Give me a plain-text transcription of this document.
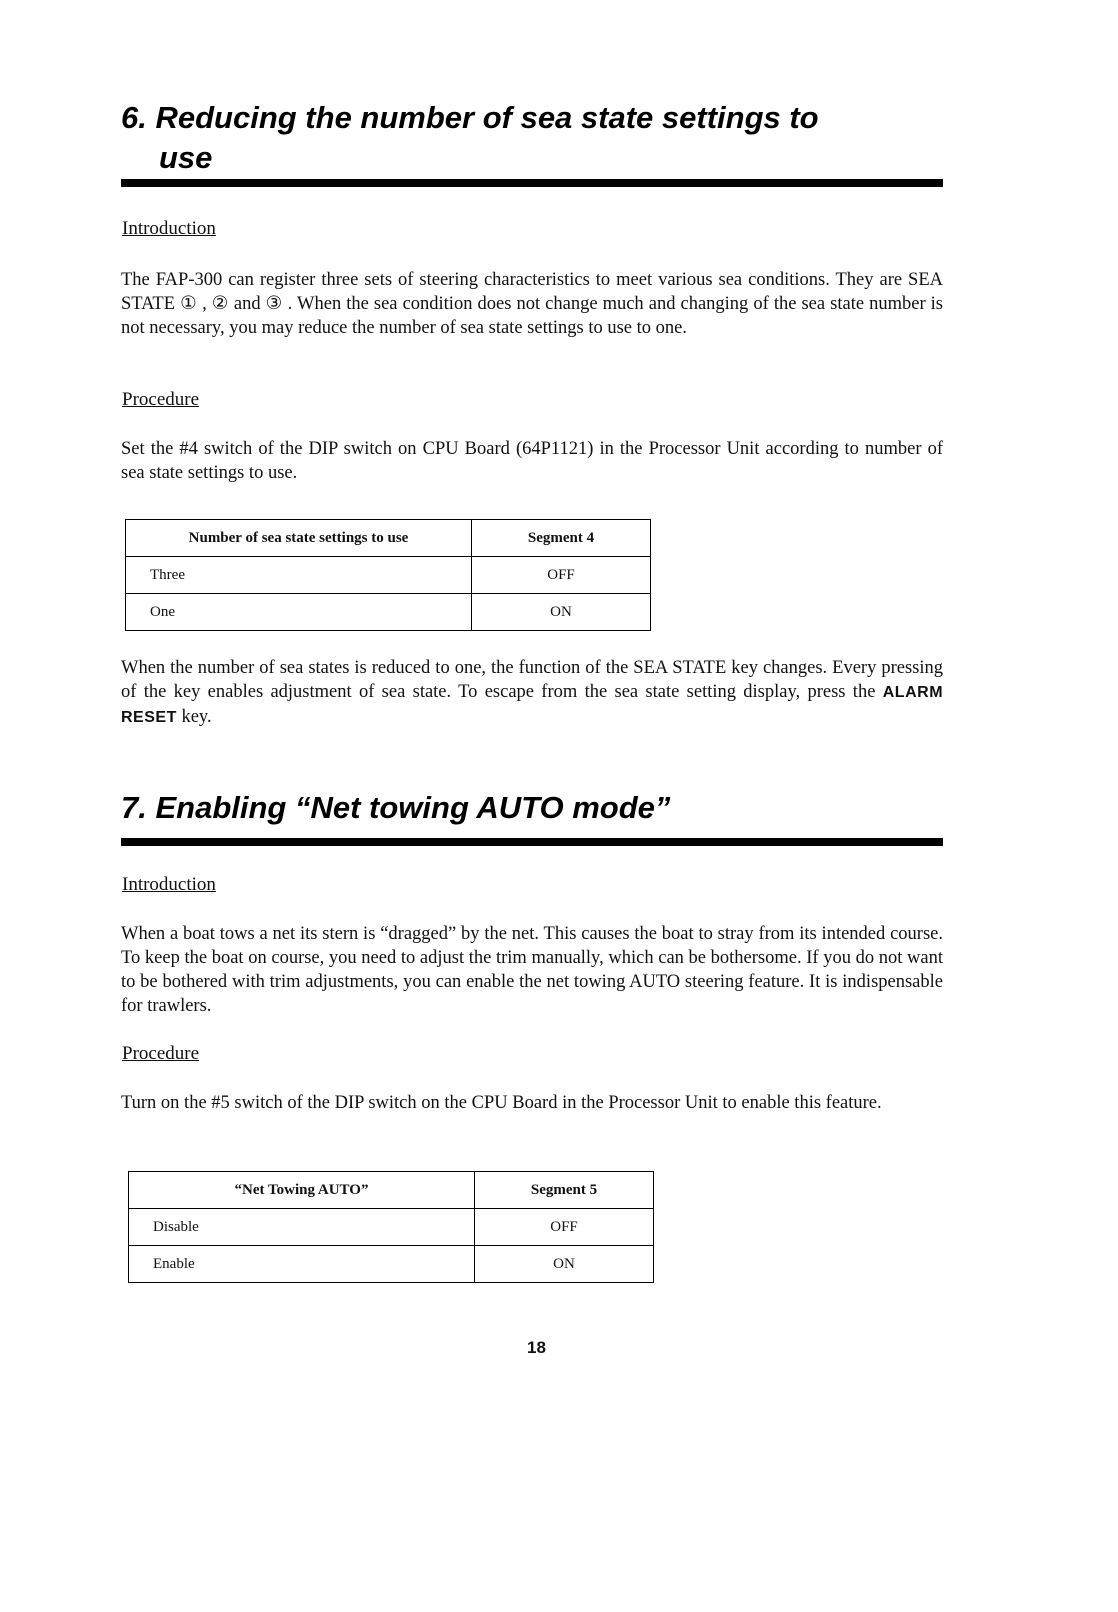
6. Reducing the number of sea state settings to
use
Introduction

The FAP-300 can register three sets of steering characteristics to meet various sea conditions. They are SEA STATE ① , ② and ③ . When the sea condition does not change much and changing of the sea state number is not necessary, you may reduce the number of sea state settings to use to one.

Procedure

Set the #4 switch of the DIP switch on CPU Board (64P1121) in the Processor Unit according to number of sea state settings to use.

Number of sea state settings to use	Segment 4
Three	OFF
One	ON

When the number of sea states is reduced to one, the function of the SEA STATE key changes. Every pressing of the key enables adjustment of sea state. To escape from the sea state setting display, press the ALARM RESET key.

7. Enabling “Net towing AUTO mode”
Introduction

When a boat tows a net its stern is “dragged” by the net. This causes the boat to stray from its intended course. To keep the boat on course, you need to adjust the trim manually, which can be bothersome. If you do not want to be bothered with trim adjustments, you can enable the net towing AUTO steering feature. It is indispensable for trawlers.

Procedure

Turn on the #5 switch of the DIP switch on the CPU Board in the Processor Unit to enable this feature.

“Net Towing AUTO”	Segment 5
Disable	OFF
Enable	ON
18
